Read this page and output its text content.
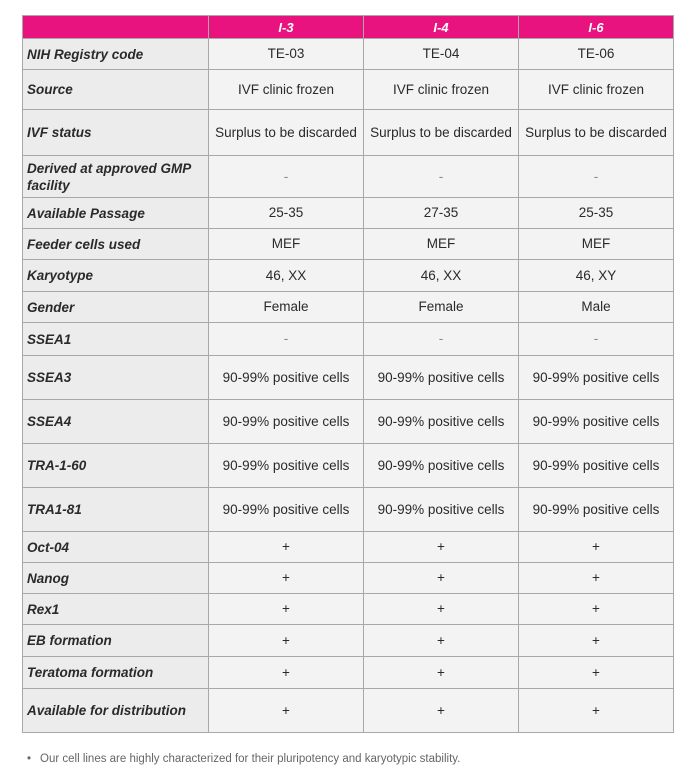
	I-3	I-4	I-6
NIH Registry code	TE-03	TE-04	TE-06
Source	IVF clinic frozen	IVF clinic frozen	IVF clinic frozen
IVF status	Surplus to be discarded	Surplus to be discarded	Surplus to be discarded
Derived at approved GMP facility	-	-	-
Available Passage	25-35	27-35	25-35
Feeder cells used	MEF	MEF	MEF
Karyotype	46, XX	46, XX	46, XY
Gender	Female	Female	Male
SSEA1	-	-	-
SSEA3	90-99% positive cells	90-99% positive cells	90-99% positive cells
SSEA4	90-99% positive cells	90-99% positive cells	90-99% positive cells
TRA-1-60	90-99% positive cells	90-99% positive cells	90-99% positive cells
TRA1-81	90-99% positive cells	90-99% positive cells	90-99% positive cells
Oct-04	+	+	+
Nanog	+	+	+
Rex1	+	+	+
EB formation	+	+	+
Teratoma formation	+	+	+
Available for distribution	+	+	+
• Our cell lines are highly characterized for their pluripotency and karyotypic stability.
